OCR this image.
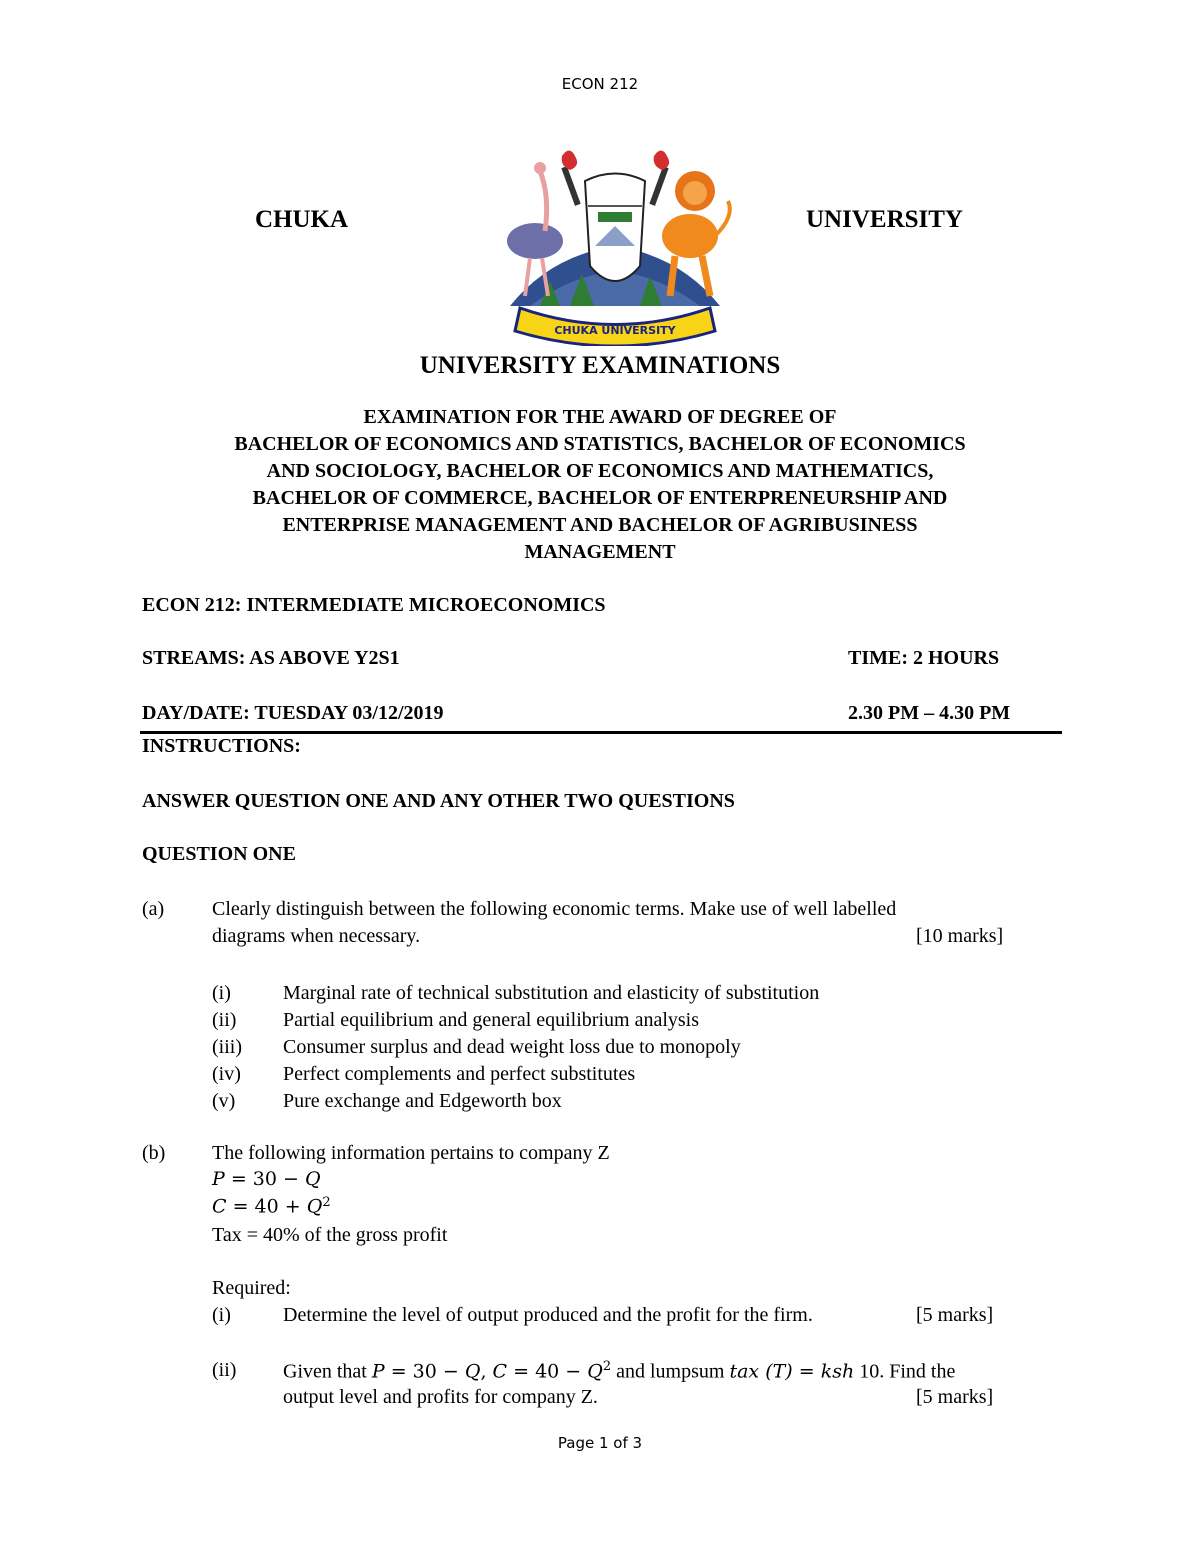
ECON 212
CHUKA	UNIVERSITY
CHUKA UNIVERSITY
UNIVERSITY EXAMINATIONS
EXAMINATION FOR THE AWARD OF DEGREE OF
BACHELOR OF ECONOMICS AND STATISTICS, BACHELOR OF ECONOMICS
AND SOCIOLOGY, BACHELOR OF ECONOMICS AND MATHEMATICS,
BACHELOR OF COMMERCE, BACHELOR OF ENTERPRENEURSHIP AND
ENTERPRISE MANAGEMENT AND BACHELOR OF AGRIBUSINESS
MANAGEMENT
ECON 212: INTERMEDIATE MICROECONOMICS
STREAMS: AS ABOVE Y2S1	TIME: 2 HOURS
DAY/DATE: TUESDAY 03/12/2019	2.30 PM – 4.30 PM
INSTRUCTIONS:
ANSWER QUESTION ONE AND ANY OTHER TWO QUESTIONS
QUESTION ONE
(a) Clearly distinguish between the following economic terms. Make use of well labelled
diagrams when necessary.	[10 marks]
(i)	Marginal rate of technical substitution and elasticity of substitution
(ii) Partial equilibrium and general equilibrium analysis
(iii) Consumer surplus and dead weight loss due to monopoly
(iv) Perfect complements and perfect substitutes
(v) Pure exchange and Edgeworth box
(b) The following information pertains to company Z
P = 30 − Q
$C = 40 + Q^2$
Tax = 40% of the gross profit
Required:
(i)	Determine the level of output produced and the profit for the firm.	[5 marks]
(ii) Given that P = 30 − Q, $C = 40 - Q^2$ and lumpsum tax (T) = ksh 10. Find the
output level and profits for company Z.	[5 marks]
Page 1 of 3
